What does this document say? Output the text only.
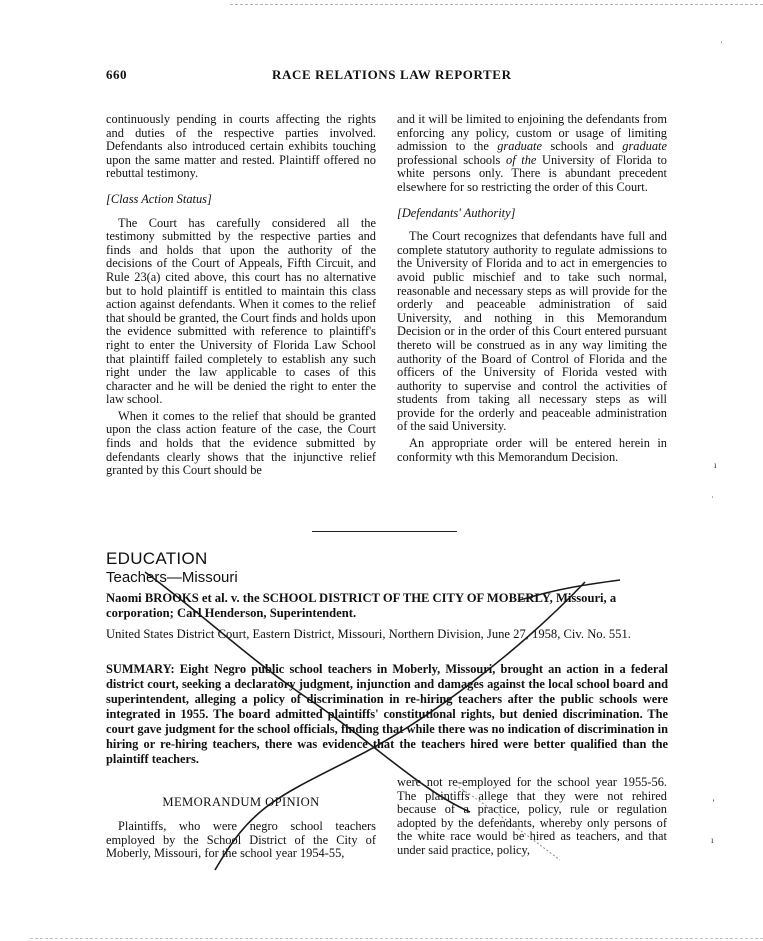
660	RACE RELATIONS LAW REPORTER

continuously pending in courts affecting the rights and duties of the respective parties involved. Defendants also introduced certain exhibits touching upon the same matter and rested. Plaintiff offered no rebuttal testimony.

[Class Action Status]

The Court has carefully considered all the testimony submitted by the respective parties and finds and holds that upon the authority of the decisions of the Court of Appeals, Fifth Circuit, and Rule 23(a) cited above, this court has no alternative but to hold plaintiff is entitled to maintain this class action against defendants. When it comes to the relief that should be granted, the Court finds and holds upon the evidence submitted with reference to plaintiff's right to enter the University of Florida Law School that plaintiff failed completely to establish any such right under the law applicable to cases of this character and he will be denied the right to enter the law school.

When it comes to the relief that should be granted upon the class action feature of the case, the Court finds and holds that the evidence submitted by defendants clearly shows that the injunctive relief granted by this Court should be

and it will be limited to enjoining the defendants from enforcing any policy, custom or usage of limiting admission to the graduate schools and graduate professional schools of the University of Florida to white persons only. There is abundant precedent elsewhere for so restricting the order of this Court.

[Defendants' Authority]

The Court recognizes that defendants have full and complete statutory authority to regulate admissions to the University of Florida and to act in emergencies to avoid public mischief and to take such normal, reasonable and necessary steps as will provide for the orderly and peaceable administration of said University, and nothing in this Memorandum Decision or in the order of this Court entered pursuant thereto will be construed as in any way limiting the authority of the Board of Control of Florida and the officers of the University of Florida vested with authority to supervise and control the activities of students from taking all necessary steps as will provide for the orderly and peaceable administration of the said University.

An appropriate order will be entered herein in conformity wth this Memorandum Decision.

EDUCATION
Teachers—Missouri
Naomi BROOKS et al. v. the SCHOOL DISTRICT OF THE CITY OF MOBERLY, Missouri, a corporation; Carl Henderson, Superintendent.
United States District Court, Eastern District, Missouri, Northern Division, June 27, 1958, Civ. No. 551.
SUMMARY: Eight Negro public school teachers in Moberly, Missouri, brought an action in a federal district court, seeking a declaratory judgment, injunction and damages against the local school board and superintendent, alleging a policy of discrimination in re-hiring teachers after the public schools were integrated in 1955. The board admitted plaintiffs' constitutional rights, but denied discrimination. The court gave judgment for the school officials, finding that while there was no indication of discrimination in hiring or re-hiring teachers, there was evidence that the teachers hired were better qualified than the plaintiff teachers.
MEMORANDUM OPINION

Plaintiffs, who were negro school teachers employed by the School District of the City of Moberly, Missouri, for the school year 1954-55,

were not re-employed for the school year 1955-56. The plaintiffs allege that they were not rehired because of a practice, policy, rule or regulation adopted by the defendants, whereby only persons of the white race would be hired as teachers, and that under said practice, policy,

ˈ
ı
ʾ
ʼ
ı
